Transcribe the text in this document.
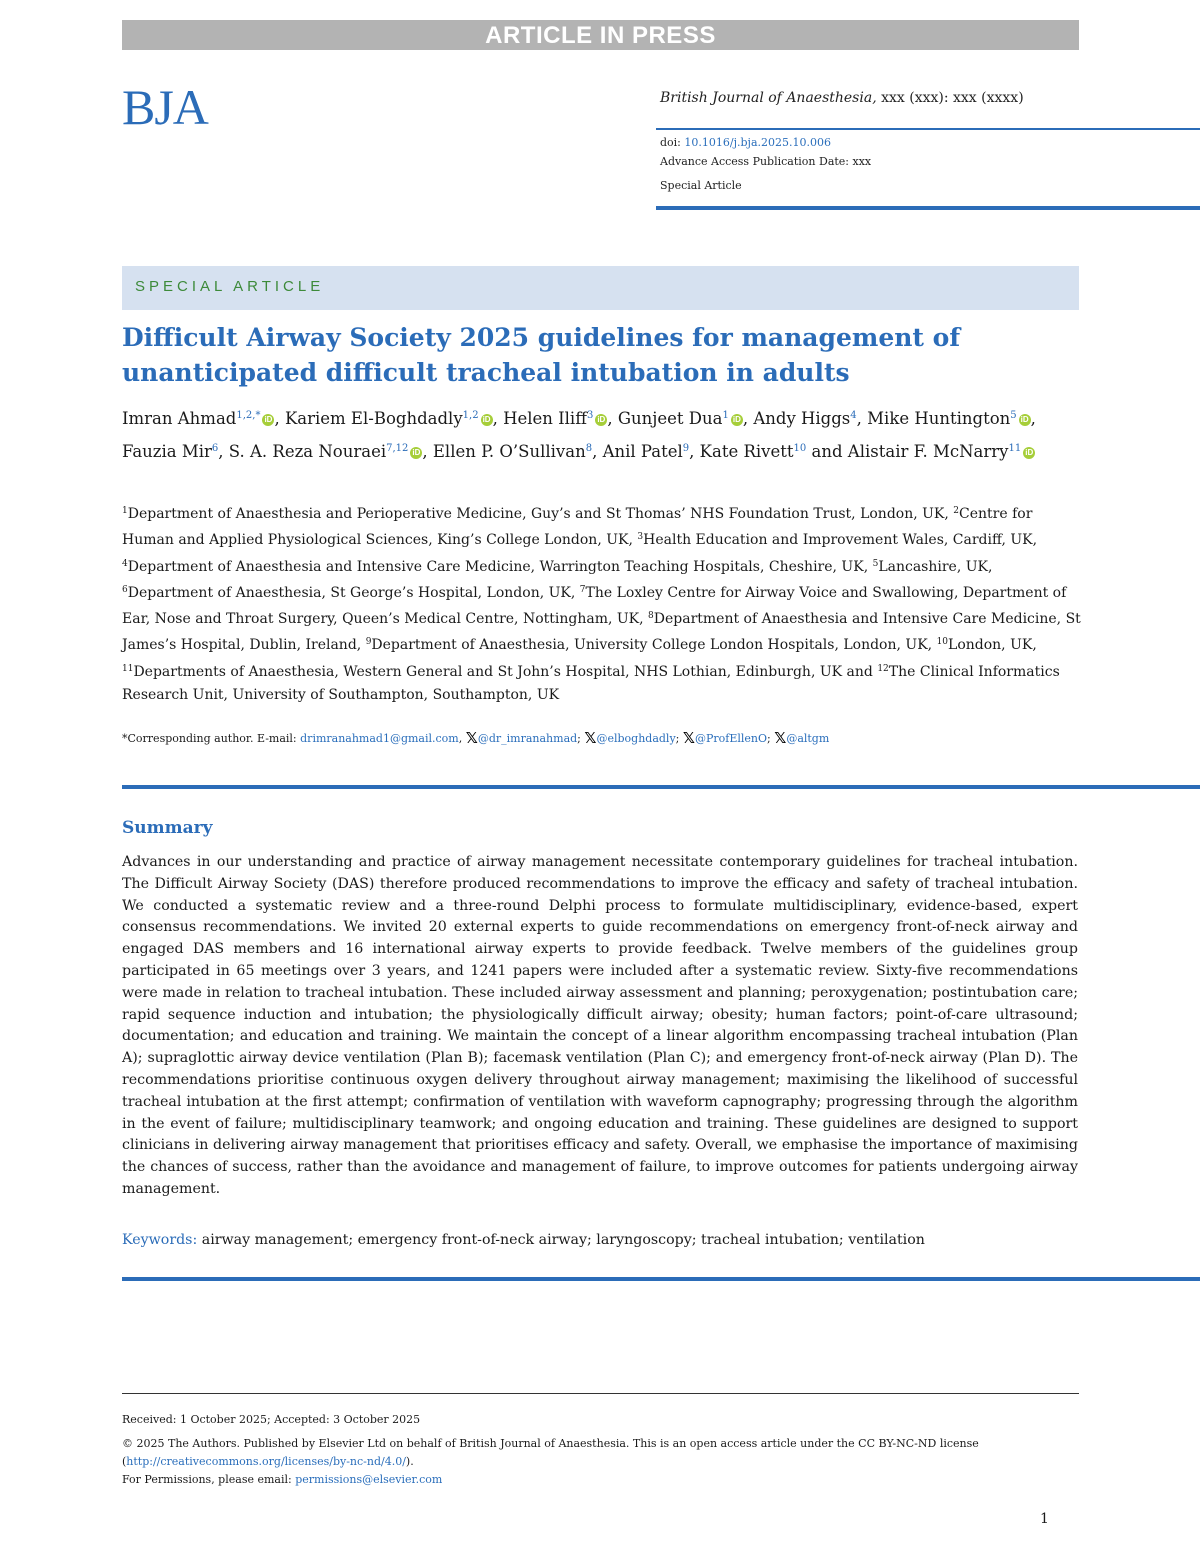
ARTICLE IN PRESS
BJA	British Journal of Anaesthesia, xxx (xxx): xxx (xxxx)
doi: 10.1016/j.bja.2025.10.006
Advance Access Publication Date: xxx
Special Article
SPECIAL ARTICLE
Difficult Airway Society 2025 guidelines for management of
unanticipated difficult tracheal intubation in adults
Imran Ahmad$^{1,2,*}$ iD , Kariem El-Boghdadly$^{1,2}$ iD , Helen Iliff$^3$ iD , Gunjeet Dua$^1$ iD , Andy Higgs$^4$, Mike Huntington$^5$ iD , Fauzia Mir$^6$, S. A. Reza Nouraei$^{7,12}$ iD , Ellen P. O’Sullivan$^8$, Anil Patel$^9$, Kate Rivett$^{10}$ and Alistair F. McNarry$^{11}$ iD
$^1$Department of Anaesthesia and Perioperative Medicine, Guy’s and St Thomas’ NHS Foundation Trust, London, UK, $^2$Centre for Human and Applied Physiological Sciences, King’s College London, UK, $^3$Health Education and Improvement Wales, Cardiff, UK, $^4$Department of Anaesthesia and Intensive Care Medicine, Warrington Teaching Hospitals, Cheshire, UK, $^5$Lancashire, UK, $^6$Department of Anaesthesia, St George’s Hospital, London, UK, $^7$The Loxley Centre for Airway Voice and Swallowing, Department of Ear, Nose and Throat Surgery, Queen’s Medical Centre, Nottingham, UK, $^8$Department of Anaesthesia and Intensive Care Medicine, St James’s Hospital, Dublin, Ireland, $^9$Department of Anaesthesia, University College London Hospitals, London, UK, $^{10}$London, UK, $^{11}$Departments of Anaesthesia, Western General and St John’s Hospital, NHS Lothian, Edinburgh, UK and $^{12}$The Clinical Informatics Research Unit, University of Southampton, Southampton, UK
*Corresponding author. E-mail: drimranahmad1@gmail.com, 𝕏@dr_imranahmad; 𝕏@elboghdadly; 𝕏@ProfEllenO; 𝕏@altgm
Summary
Advances in our understanding and practice of airway management necessitate contemporary guidelines for tracheal intubation. The Difficult Airway Society (DAS) therefore produced recommendations to improve the efficacy and safety of tracheal intubation. We conducted a systematic review and a three-round Delphi process to formulate multidisciplinary, evidence-based, expert consensus recommendations. We invited 20 external experts to guide recommendations on emergency front-of-neck airway and engaged DAS members and 16 international airway experts to provide feedback. Twelve members of the guidelines group participated in 65 meetings over 3 years, and 1241 papers were included after a systematic review. Sixty-five recommendations were made in relation to tracheal intubation. These included airway assessment and planning; peroxygenation; postintubation care; rapid sequence induction and intubation; the physiologically difficult airway; obesity; human factors; point-of-care ultrasound; documentation; and education and training. We maintain the concept of a linear algorithm encompassing tracheal intubation (Plan A); supraglottic airway device ventilation (Plan B); facemask ventilation (Plan C); and emergency front-of-neck airway (Plan D). The recommendations prioritise continuous oxygen delivery throughout airway management; maximising the likelihood of successful tracheal intubation at the first attempt; confirmation of ventilation with waveform capnography; progressing through the algorithm in the event of failure; multidisciplinary teamwork; and ongoing education and training. These guidelines are designed to support clinicians in delivering airway management that prioritises efficacy and safety. Overall, we emphasise the importance of maximising the chances of success, rather than the avoidance and management of failure, to improve outcomes for patients undergoing airway management.
Keywords: airway management; emergency front-of-neck airway; laryngoscopy; tracheal intubation; ventilation
Received: 1 October 2025; Accepted: 3 October 2025
© 2025 The Authors. Published by Elsevier Ltd on behalf of British Journal of Anaesthesia. This is an open access article under the CC BY-NC-ND license (http://creativecommons.org/licenses/by-nc-nd/4.0/).
For Permissions, please email: permissions@elsevier.com
1
